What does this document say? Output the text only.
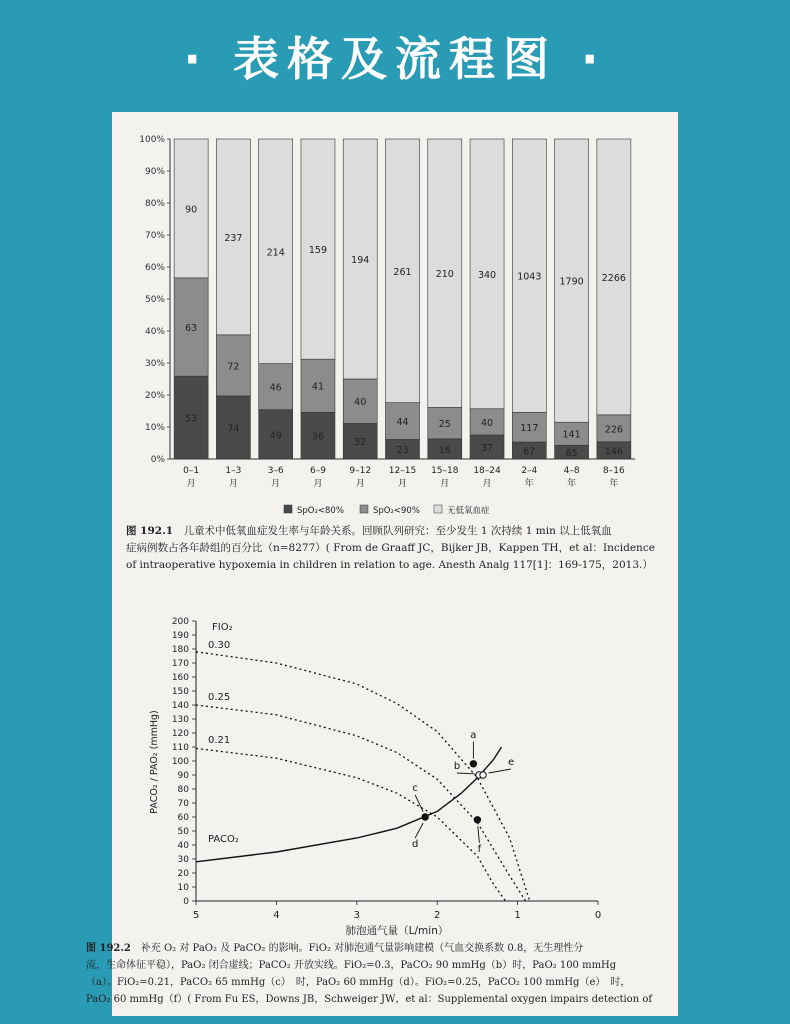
· 表格及流程图 ·
0%
10%
20%
30%
40%
50%
60%
70%
80%
90%
100%
53
63
90
0–1
月
74
72
237
1–3
月
49
46
214
3–6
月
36
41
159
6–9
月
32
40
194
9–12
月
23
44
261
12–15
月
16
25
210
15–18
月
37
40
340
18–24
月
67
117
1043
2–4
年
85
141
1790
4–8
年
146
226
2266
8–16
年
SpO₂<80%	SpO₂<90%	无低氧血症
图 192.1　 儿童术中低氧血症发生率与年龄关系。回顾队列研究：至少发生 1 次持续 1 min 以上低氧血
症病例数占各年龄组的百分比（n=8277）( From de Graaff JC，Bijker JB，Kappen TH，et al：Incidence
of intraoperative hypoxemia in children in relation to age. Anesth Analg 117[1]：169-175，2013.）
0
10
20
30
40
50
60
70
80
90
100
110
120
130
140
150
160
170
180
190
200
5	4	3	2	1	0
肺泡通气量（L/min）
PACO₂ / PAO₂ (mmHg)
FIO₂
0.30
0.25
0.21
PACO₂
a
b	e
c
d	f
图 192.2　 补充 O₂ 对 PaO₂ 及 PaCO₂ 的影响。FiO₂ 对肺泡通气量影响建模（气血交换系数 0.8，无生理性分
流，生命体征平稳），PaO₂ 闭合虚线；PaCO₂ 开放实线。FiO₂=0.3，PaCO₂ 90 mmHg（b）时，PaO₂ 100 mmHg
（a）。FiO₂=0.21，PaCO₂ 65 mmHg（c）　时，PaO₂ 60 mmHg（d）。FiO₂=0.25，PaCO₂ 100 mmHg（e）　时，
PaO₂ 60 mmHg（f）( From Fu ES，Downs JB，Schweiger JW，et al：Supplemental oxygen impairs detection of
